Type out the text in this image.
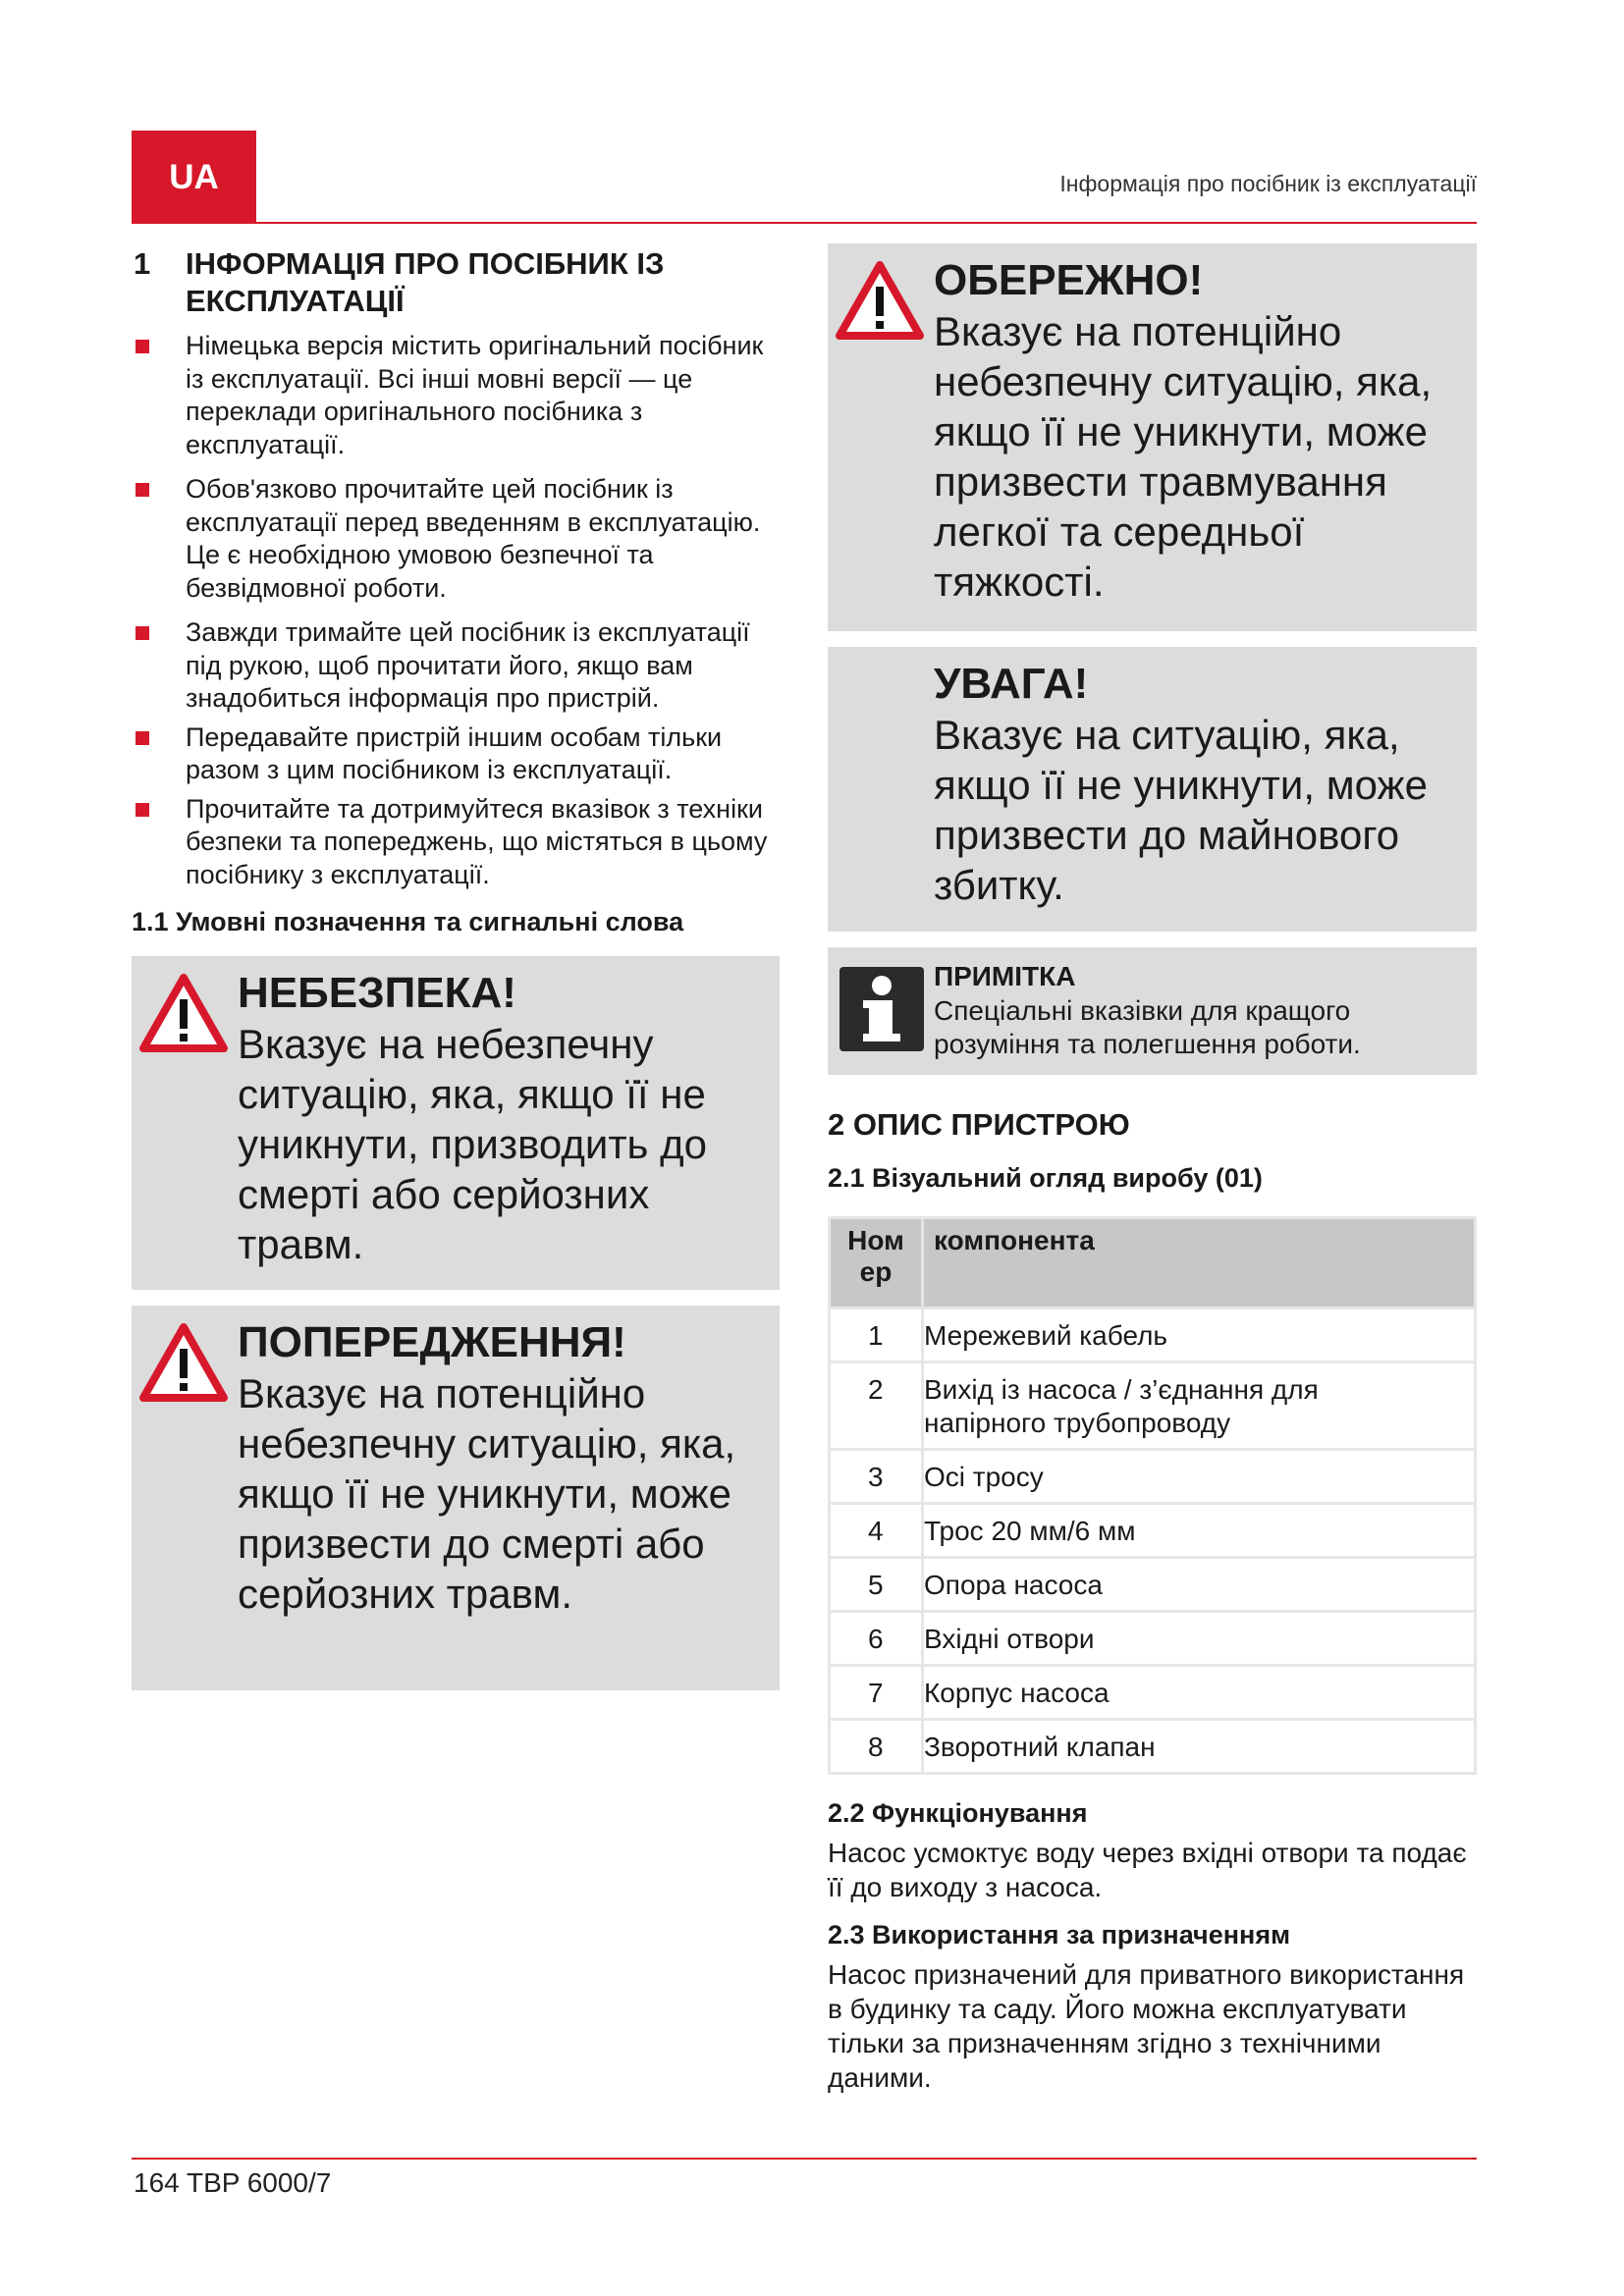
UA	Інформація про посібник із експлуатації
1 ІНФОРМАЦІЯ ПРО ПОСІБНИК ІЗ ЕКСПЛУАТАЦІЇ
Німецька версія містить оригінальний посібник із експлуатації. Всі інші мовні версії — це переклади оригінального посібника з експлуатації.
Обов'язково прочитайте цей посібник із експлуатації перед введенням в експлуатацію. Це є необхідною умовою безпечної та безвідмовної роботи.
Завжди тримайте цей посібник із експлуатації під рукою, щоб прочитати його, якщо вам знадобиться інформація про пристрій.
Передавайте пристрій іншим особам тільки разом з цим посібником із експлуатації.
Прочитайте та дотримуйтеся вказівок з техніки безпеки та попереджень, що містяться в цьому посібнику з експлуатації.
1.1 Умовні позначення та сигнальні слова
НЕБЕЗПЕКА!
Вказує на небезпечну ситуацію, яка, якщо її не уникнути, призводить до смерті або серйозних травм.
ПОПЕРЕДЖЕННЯ!
Вказує на потенційно небезпечну ситуацію, яка, якщо її не уникнути, може призвести до смерті або серйозних травм.
ОБЕРЕЖНО!
Вказує на потенційно небезпечну ситуацію, яка, якщо її не уникнути, може призвести травмування легкої та середньої тяжкості.
УВАГА!
Вказує на ситуацію, яка, якщо її не уникнути, може призвести до майнового збитку.
ПРИМІТКА
Спеціальні вказівки для кращого розуміння та полегшення роботи.
2 ОПИС ПРИСТРОЮ
2.1 Візуальний огляд виробу (01)
Ном ер	компонента

1	Мережевий кабель

2	Вихід із насоса / з’єднання для напірного трубопроводу

3	Осі тросу

4	Трос 20 мм/6 мм

5	Опора насоса

6	Вхідні отвори

7	Корпус насоса

8	Зворотний клапан
2.2 Функціонування

Насос усмоктує воду через вхідні отвори та подає її до виходу з насоса.

2.3 Використання за призначенням

Насос призначений для приватного використання в будинку та саду. Його можна експлуатувати тільки за призначенням згідно з технічними даними.

164 TBP 6000/7
